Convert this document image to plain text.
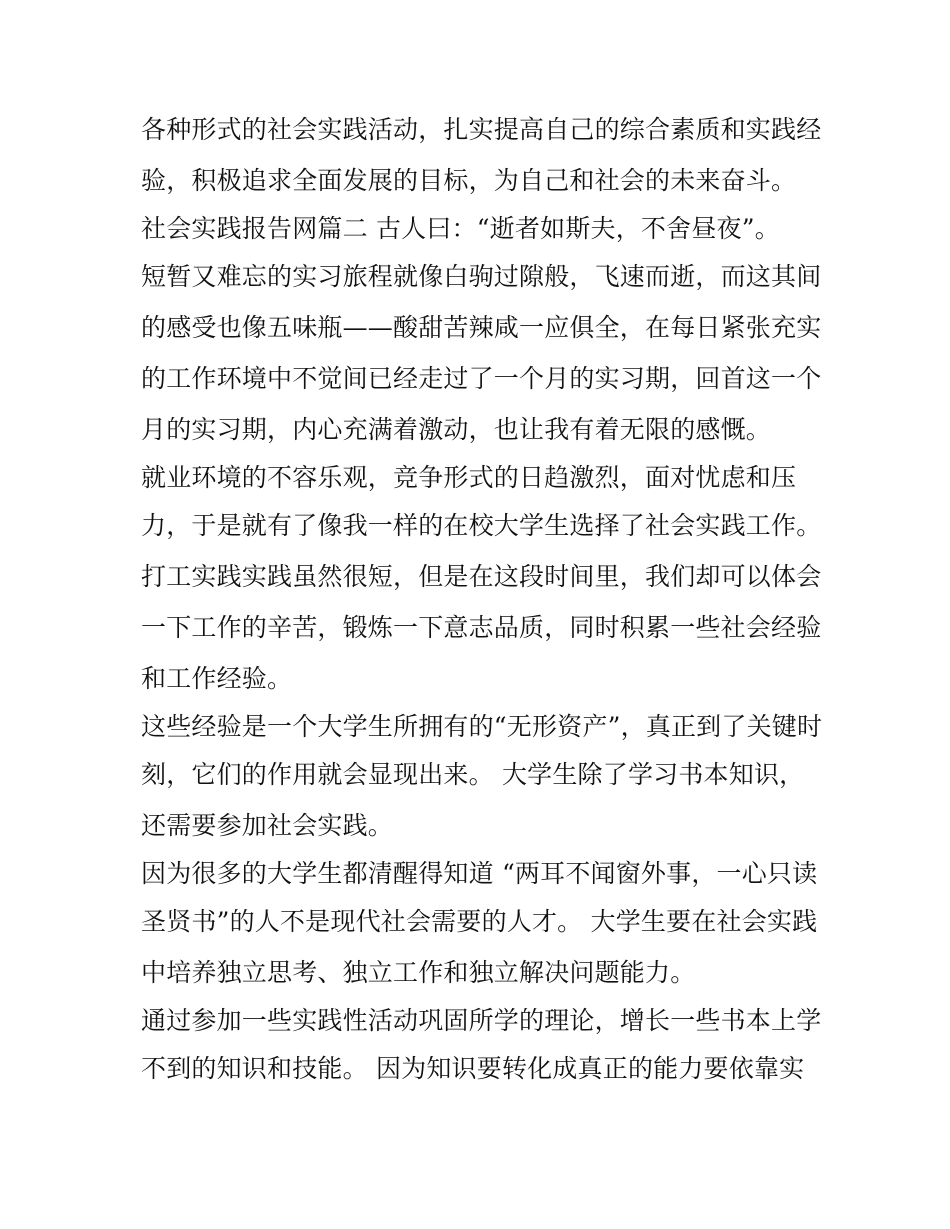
各种形式的社会实践活动，扎实提高自己的综合素质和实践经
验，积极追求全面发展的目标，为自己和社会的未来奋斗。
社会实践报告网篇二 古人曰：“逝者如斯夫，不舍昼夜”。
短暂又难忘的实习旅程就像白驹过隙般，飞速而逝，而这其间
的感受也像五味瓶——酸甜苦辣咸一应俱全，在每日紧张充实
的工作环境中不觉间已经走过了一个月的实习期，回首这一个
月的实习期，内心充满着激动，也让我有着无限的感慨。
就业环境的不容乐观，竞争形式的日趋激烈，面对忧虑和压
力，于是就有了像我一样的在校大学生选择了社会实践工作。
打工实践实践虽然很短，但是在这段时间里，我们却可以体会
一下工作的辛苦，锻炼一下意志品质，同时积累一些社会经验
和工作经验。
这些经验是一个大学生所拥有的“无形资产”，真正到了关键时
刻，它们的作用就会显现出来。 大学生除了学习书本知识，
还需要参加社会实践。
因为很多的大学生都清醒得知道 “两耳不闻窗外事，一心只读
圣贤书”的人不是现代社会需要的人才。 大学生要在社会实践
中培养独立思考、独立工作和独立解决问题能力。
通过参加一些实践性活动巩固所学的理论，增长一些书本上学
不到的知识和技能。 因为知识要转化成真正的能力要依靠实
